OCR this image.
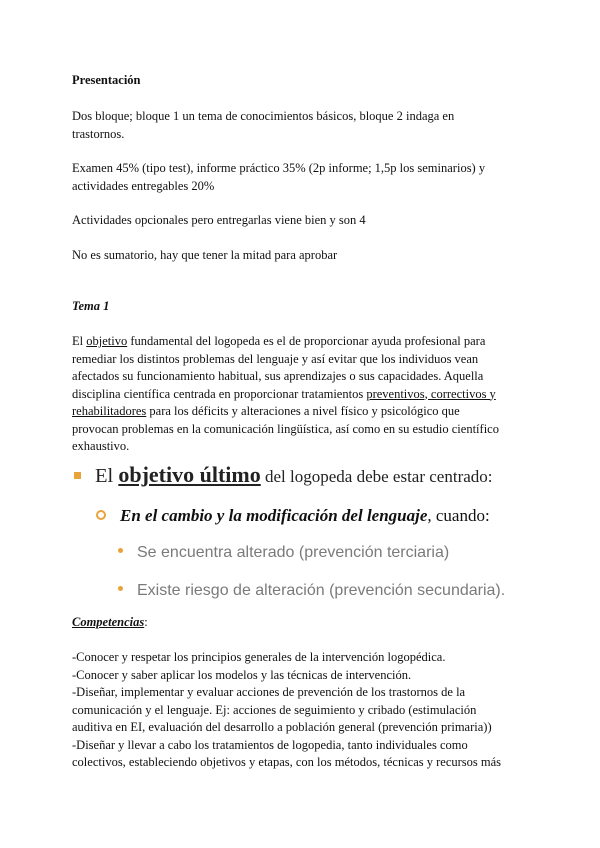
Presentación

Dos bloque; bloque 1 un tema de conocimientos básicos, bloque 2 indaga en
trastornos.

Examen 45% (tipo test), informe práctico 35% (2p informe; 1,5p los seminarios) y
actividades entregables 20%

Actividades opcionales pero entregarlas viene bien y son 4

No es sumatorio, hay que tener la mitad para aprobar

Tema 1

El objetivo fundamental del logopeda es el de proporcionar ayuda profesional para
remediar los distintos problemas del lenguaje y así evitar que los individuos vean
afectados su funcionamiento habitual, sus aprendizajes o sus capacidades. Aquella
disciplina científica centrada en proporcionar tratamientos preventivos, correctivos y
rehabilitadores para los déficits y alteraciones a nivel físico y psicológico que
provocan problemas en la comunicación lingüística, así como en su estudio científico
exhaustivo.

El objetivo último del logopeda debe estar centrado:
En el cambio y la modificación del lenguaje, cuando:
Se encuentra alterado (prevención terciaria)
Existe riesgo de alteración (prevención secundaria).

Competencias:

-Conocer y respetar los principios generales de la intervención logopédica.
-Conocer y saber aplicar los modelos y las técnicas de intervención.
-Diseñar, implementar y evaluar acciones de prevención de los trastornos de la
comunicación y el lenguaje. Ej: acciones de seguimiento y cribado (estimulación
auditiva en EI, evaluación del desarrollo a población general (prevención primaria))
-Diseñar y llevar a cabo los tratamientos de logopedia, tanto individuales como
colectivos, estableciendo objetivos y etapas, con los métodos, técnicas y recursos más
